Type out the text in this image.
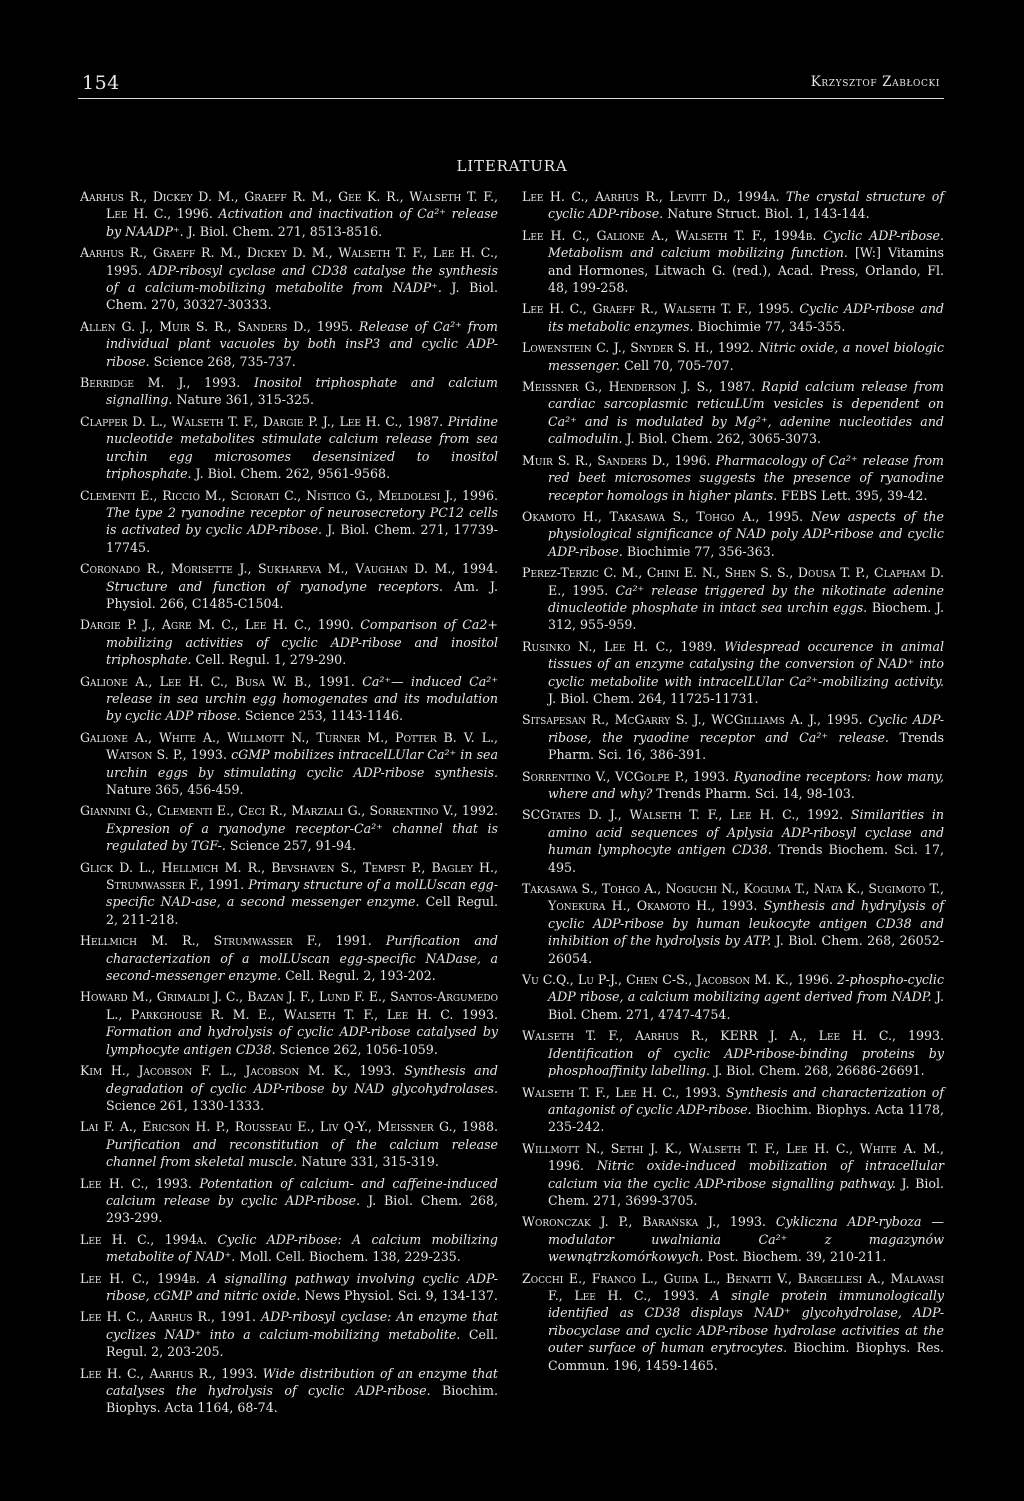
154	Krzysztof Zabłocki
LITERATURA

Aarhus R., Dickey D. M., Graeff R. M., Gee K. R., Walseth T. F., Lee H. C., 1996. Activation and inactivation of Ca²⁺ release by NAADP⁺. J. Biol. Chem. 271, 8513-8516.

Aarhus R., Graeff R. M., Dickey D. M., Walseth T. F., Lee H. C., 1995. ADP-ribosyl cyclase and CD38 catalyse the synthesis of a calcium-mobilizing metabolite from NADP⁺. J. Biol. Chem. 270, 30327-30333.

Allen G. J., Muir S. R., Sanders D., 1995. Release of Ca²⁺ from individual plant vacuoles by both insP3 and cyclic ADP-ribose. Science 268, 735-737.

Berridge M. J., 1993. Inositol triphosphate and calcium signalling. Nature 361, 315-325.

Clapper D. L., Walseth T. F., Dargie P. J., Lee H. C., 1987. Piridine nucleotide metabolites stimulate calcium release from sea urchin egg microsomes desensinized to inositol triphosphate. J. Biol. Chem. 262, 9561-9568.

Clementi E., Riccio M., Sciorati C., Nistico G., Meldolesi J., 1996. The type 2 ryanodine receptor of neurosecretory PC12 cells is activated by cyclic ADP-ribose. J. Biol. Chem. 271, 17739-17745.

Coronado R., Morisette J., Sukhareva M., Vaughan D. M., 1994. Structure and function of ryanodyne receptors. Am. J. Physiol. 266, C1485-C1504.

Dargie P. J., Agre M. C., Lee H. C., 1990. Comparison of Ca2+ mobilizing activities of cyclic ADP-ribose and inositol triphosphate. Cell. Regul. 1, 279-290.

Galione A., Lee H. C., Busa W. B., 1991. Ca²⁺— induced Ca²⁺ release in sea urchin egg homogenates and its modulation by cyclic ADP ribose. Science 253, 1143-1146.

Galione A., White A., Willmott N., Turner M., Potter B. V. L., Watson S. P., 1993. cGMP mobilizes intracelLUlar Ca²⁺ in sea urchin eggs by stimulating cyclic ADP-ribose synthesis. Nature 365, 456-459.

Giannini G., Clementi E., Ceci R., Marziali G., Sorrentino V., 1992. Expresion of a ryanodyne receptor-Ca²⁺ channel that is regulated by TGF-. Science 257, 91-94.

Glick D. L., Hellmich M. R., Bevshaven S., Tempst P., Bagley H., Strumwasser F., 1991. Primary structure of a molLUscan egg-specific NAD-ase, a second messenger enzyme. Cell Regul. 2, 211-218.

Hellmich M. R., Strumwasser F., 1991. Purification and characterization of a molLUscan egg-specific NADase, a second-messenger enzyme. Cell. Regul. 2, 193-202.

Howard M., Grimaldi J. C., Bazan J. F., Lund F. E., Santos-Argumedo L., Parkghouse R. M. E., Walseth T. F., Lee H. C. 1993. Formation and hydrolysis of cyclic ADP-ribose catalysed by lymphocyte antigen CD38. Science 262, 1056-1059.

Kim H., Jacobson F. L., Jacobson M. K., 1993. Synthesis and degradation of cyclic ADP-ribose by NAD glycohydrolases. Science 261, 1330-1333.

Lai F. A., Ericson H. P., Rousseau E., Liv Q-Y., Meissner G., 1988. Purification and reconstitution of the calcium release channel from skeletal muscle. Nature 331, 315-319.

Lee H. C., 1993. Potentation of calcium- and caffeine-induced calcium release by cyclic ADP-ribose. J. Biol. Chem. 268, 293-299.

Lee H. C., 1994a. Cyclic ADP-ribose: A calcium mobilizing metabolite of NAD⁺. Moll. Cell. Biochem. 138, 229-235.

Lee H. C., 1994b. A signalling pathway involving cyclic ADP-ribose, cGMP and nitric oxide. News Physiol. Sci. 9, 134-137.

Lee H. C., Aarhus R., 1991. ADP-ribosyl cyclase: An enzyme that cyclizes NAD⁺ into a calcium-mobilizing metabolite. Cell. Regul. 2, 203-205.

Lee H. C., Aarhus R., 1993. Wide distribution of an enzyme that catalyses the hydrolysis of cyclic ADP-ribose. Biochim. Biophys. Acta 1164, 68-74.

Lee H. C., Aarhus R., Levitt D., 1994a. The crystal structure of cyclic ADP-ribose. Nature Struct. Biol. 1, 143-144.

Lee H. C., Galione A., Walseth T. F., 1994b. Cyclic ADP-ribose. Metabolism and calcium mobilizing function. [W:] Vitamins and Hormones, Litwach G. (red.), Acad. Press, Orlando, Fl. 48, 199-258.

Lee H. C., Graeff R., Walseth T. F., 1995. Cyclic ADP-ribose and its metabolic enzymes. Biochimie 77, 345-355.

Lowenstein C. J., Snyder S. H., 1992. Nitric oxide, a novel biologic messenger. Cell 70, 705-707.

Meissner G., Henderson J. S., 1987. Rapid calcium release from cardiac sarcoplasmic reticuLUm vesicles is dependent on Ca²⁺ and is modulated by Mg²⁺, adenine nucleotides and calmodulin. J. Biol. Chem. 262, 3065-3073.

Muir S. R., Sanders D., 1996. Pharmacology of Ca²⁺ release from red beet microsomes suggests the presence of ryanodine receptor homologs in higher plants. FEBS Lett. 395, 39-42.

Okamoto H., Takasawa S., Tohgo A., 1995. New aspects of the physiological significance of NAD poly ADP-ribose and cyclic ADP-ribose. Biochimie 77, 356-363.

Perez-Terzic C. M., Chini E. N., Shen S. S., Dousa T. P., Clapham D. E., 1995. Ca²⁺ release triggered by the nikotinate adenine dinucleotide phosphate in intact sea urchin eggs. Biochem. J. 312, 955-959.

Rusinko N., Lee H. C., 1989. Widespread occurence in animal tissues of an enzyme catalysing the conversion of NAD⁺ into cyclic metabolite with intracelLUlar Ca²⁺-mobilizing activity. J. Biol. Chem. 264, 11725-11731.

Sitsapesan R., McGarry S. J., WCGilliams A. J., 1995. Cyclic ADP-ribose, the ryaodine receptor and Ca²⁺ release. Trends Pharm. Sci. 16, 386-391.

Sorrentino V., VCGolpe P., 1993. Ryanodine receptors: how many, where and why? Trends Pharm. Sci. 14, 98-103.

SCGtates D. J., Walseth T. F., Lee H. C., 1992. Similarities in amino acid sequences of Aplysia ADP-ribosyl cyclase and human lymphocyte antigen CD38. Trends Biochem. Sci. 17, 495.

Takasawa S., Tohgo A., Noguchi N., Koguma T., Nata K., Sugimoto T., Yonekura H., Okamoto H., 1993. Synthesis and hydrylysis of cyclic ADP-ribose by human leukocyte antigen CD38 and inhibition of the hydrolysis by ATP. J. Biol. Chem. 268, 26052-26054.

Vu C.Q., Lu P-J., Chen C-S., Jacobson M. K., 1996. 2-phospho-cyclic ADP ribose, a calcium mobilizing agent derived from NADP. J. Biol. Chem. 271, 4747-4754.

Walseth T. F., Aarhus R., KERR J. A., Lee H. C., 1993. Identification of cyclic ADP-ribose-binding proteins by phosphoaffinity labelling. J. Biol. Chem. 268, 26686-26691.

Walseth T. F., Lee H. C., 1993. Synthesis and characterization of antagonist of cyclic ADP-ribose. Biochim. Biophys. Acta 1178, 235-242.

Willmott N., Sethi J. K., Walseth T. F., Lee H. C., White A. M., 1996. Nitric oxide-induced mobilization of intracellular calcium via the cyclic ADP-ribose signalling pathway. J. Biol. Chem. 271, 3699-3705.

Woronczak J. P., Barańska J., 1993. Cykliczna ADP-ryboza — modulator uwalniania Ca²⁺ z magazynów wewnątrzkomórkowych. Post. Biochem. 39, 210-211.

Zocchi E., Franco L., Guida L., Benatti V., Bargellesi A., Malavasi F., Lee H. C., 1993. A single protein immunologically identified as CD38 displays NAD⁺ glycohydrolase, ADP-ribocyclase and cyclic ADP-ribose hydrolase activities at the outer surface of human erytrocytes. Biochim. Biophys. Res. Commun. 196, 1459-1465.
